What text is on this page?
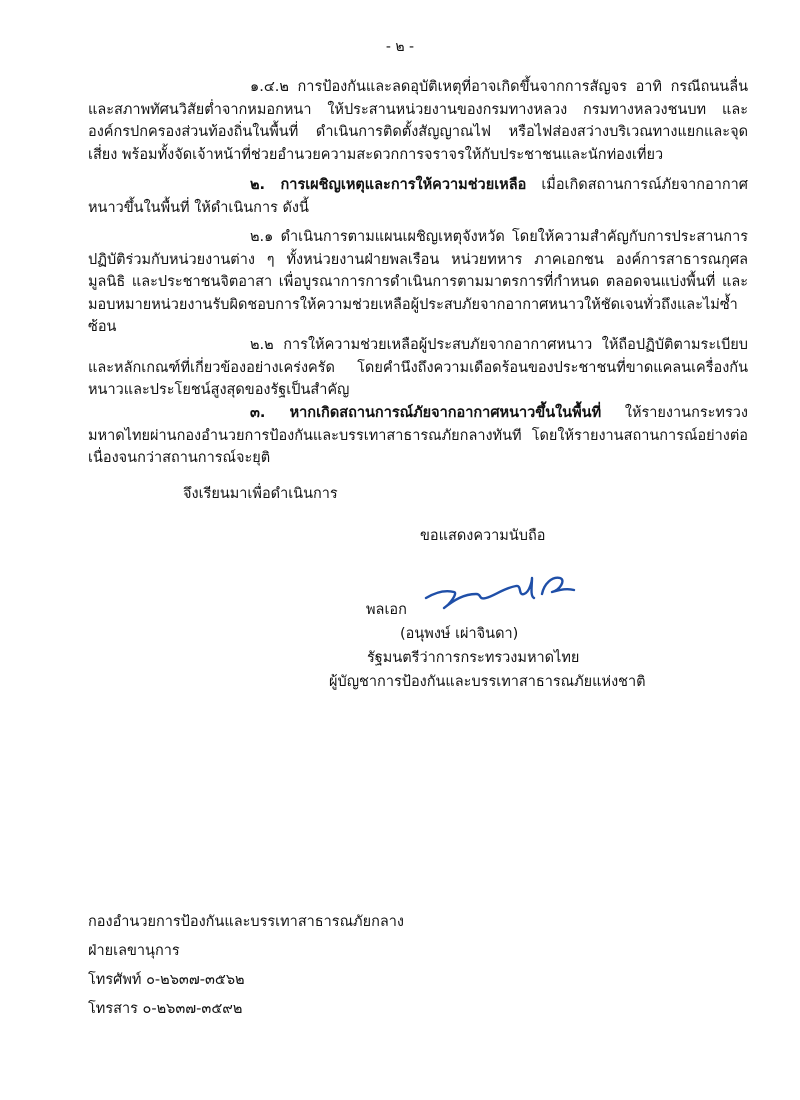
- ๒ -

๑.๔.๒ การป้องกันและลดอุบัติเหตุที่อาจเกิดขึ้นจากการสัญจร อาทิ กรณีถนนลื่นและสภาพทัศนวิสัยต่ำจากหมอกหนา ให้ประสานหน่วยงานของกรมทางหลวง กรมทางหลวงชนบท และองค์กรปกครองส่วนท้องถิ่นในพื้นที่ ดำเนินการติดตั้งสัญญาณไฟ หรือไฟส่องสว่างบริเวณทางแยกและจุดเสี่ยง พร้อมทั้งจัดเจ้าหน้าที่ช่วยอำนวยความสะดวกการจราจรให้กับประชาชนและนักท่องเที่ยว

๒. การเผชิญเหตุและการให้ความช่วยเหลือ เมื่อเกิดสถานการณ์ภัยจากอากาศหนาวขึ้นในพื้นที่ ให้ดำเนินการ ดังนี้

๒.๑ ดำเนินการตามแผนเผชิญเหตุจังหวัด โดยให้ความสำคัญกับการประสานการปฏิบัติร่วมกับหน่วยงานต่าง ๆ ทั้งหน่วยงานฝ่ายพลเรือน หน่วยทหาร ภาคเอกชน องค์การสาธารณกุศล มูลนิธิ และประชาชนจิตอาสา เพื่อบูรณาการการดำเนินการตามมาตรการที่กำหนด ตลอดจนแบ่งพื้นที่ และมอบหมายหน่วยงานรับผิดชอบการให้ความช่วยเหลือผู้ประสบภัยจากอากาศหนาวให้ชัดเจนทั่วถึงและไม่ซ้ำซ้อน

๒.๒ การให้ความช่วยเหลือผู้ประสบภัยจากอากาศหนาว ให้ถือปฏิบัติตามระเบียบและหลักเกณฑ์ที่เกี่ยวข้องอย่างเคร่งครัด โดยคำนึงถึงความเดือดร้อนของประชาชนที่ขาดแคลนเครื่องกันหนาวและประโยชน์สูงสุดของรัฐเป็นสำคัญ

๓. หากเกิดสถานการณ์ภัยจากอากาศหนาวขึ้นในพื้นที่ ให้รายงานกระทรวงมหาดไทยผ่านกองอำนวยการป้องกันและบรรเทาสาธารณภัยกลางทันที โดยให้รายงานสถานการณ์อย่างต่อเนื่องจนกว่าสถานการณ์จะยุติ

จึงเรียนมาเพื่อดำเนินการ
ขอแสดงความนับถือ
พลเอก
(อนุพงษ์ เผ่าจินดา)
รัฐมนตรีว่าการกระทรวงมหาดไทย
ผู้บัญชาการป้องกันและบรรเทาสาธารณภัยแห่งชาติ
กองอำนวยการป้องกันและบรรเทาสาธารณภัยกลาง
ฝ่ายเลขานุการ
โทรศัพท์ ๐-๒๖๓๗-๓๕๖๒
โทรสาร ๐-๒๖๓๗-๓๕๙๒
